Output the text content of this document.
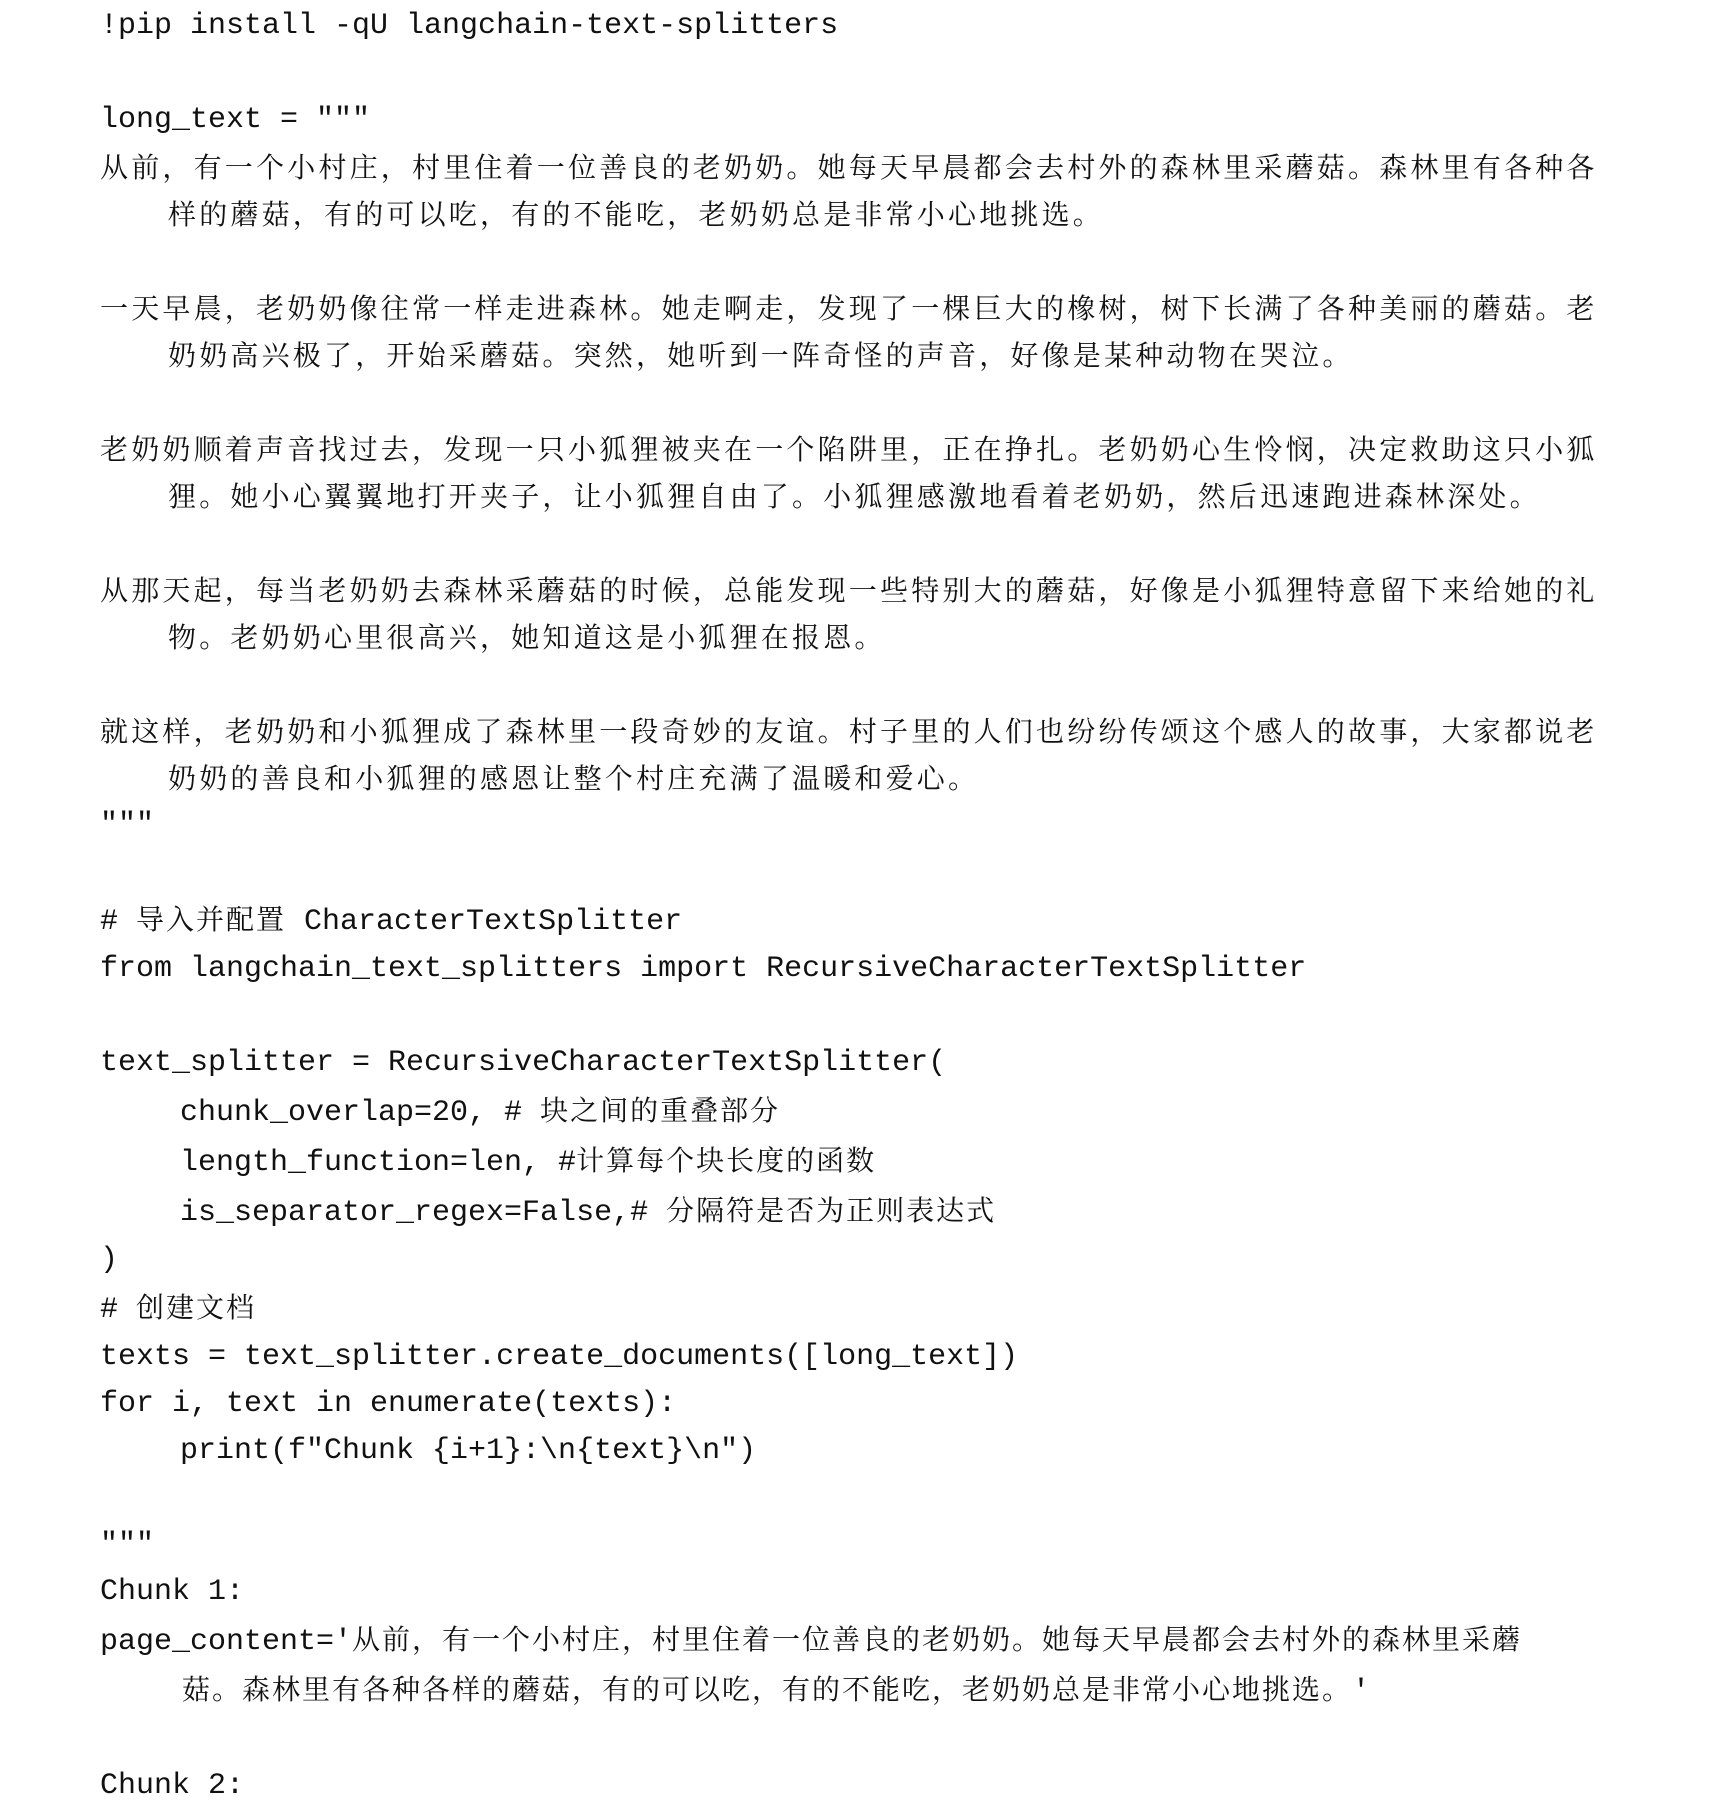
!pip install -qU langchain-text-splitters
long_text = """
从前，有一个小村庄，村里住着一位善良的老奶奶。她每天早晨都会去村外的森林里采蘑菇。森林里有各种各
样的蘑菇，有的可以吃，有的不能吃，老奶奶总是非常小心地挑选。
一天早晨，老奶奶像往常一样走进森林。她走啊走，发现了一棵巨大的橡树，树下长满了各种美丽的蘑菇。老
奶奶高兴极了，开始采蘑菇。突然，她听到一阵奇怪的声音，好像是某种动物在哭泣。
老奶奶顺着声音找过去，发现一只小狐狸被夹在一个陷阱里，正在挣扎。老奶奶心生怜悯，决定救助这只小狐
狸。她小心翼翼地打开夹子，让小狐狸自由了。小狐狸感激地看着老奶奶，然后迅速跑进森林深处。
从那天起，每当老奶奶去森林采蘑菇的时候，总能发现一些特别大的蘑菇，好像是小狐狸特意留下来给她的礼
物。老奶奶心里很高兴，她知道这是小狐狸在报恩。
就这样，老奶奶和小狐狸成了森林里一段奇妙的友谊。村子里的人们也纷纷传颂这个感人的故事，大家都说老
奶奶的善良和小狐狸的感恩让整个村庄充满了温暖和爱心。
"""
# 导入并配置 CharacterTextSplitter
from langchain_text_splitters import RecursiveCharacterTextSplitter
text_splitter = RecursiveCharacterTextSplitter(
chunk_overlap=20, # 块之间的重叠部分
length_function=len, #计算每个块长度的函数
is_separator_regex=False,# 分隔符是否为正则表达式
)
# 创建文档
texts = text_splitter.create_documents([long_text])
for i, text in enumerate(texts):
print(f"Chunk {i+1}:\n{text}\n")
"""
Chunk 1:
page_content='从前，有一个小村庄，村里住着一位善良的老奶奶。她每天早晨都会去村外的森林里采蘑
菇。森林里有各种各样的蘑菇，有的可以吃，有的不能吃，老奶奶总是非常小心地挑选。'
Chunk 2:
